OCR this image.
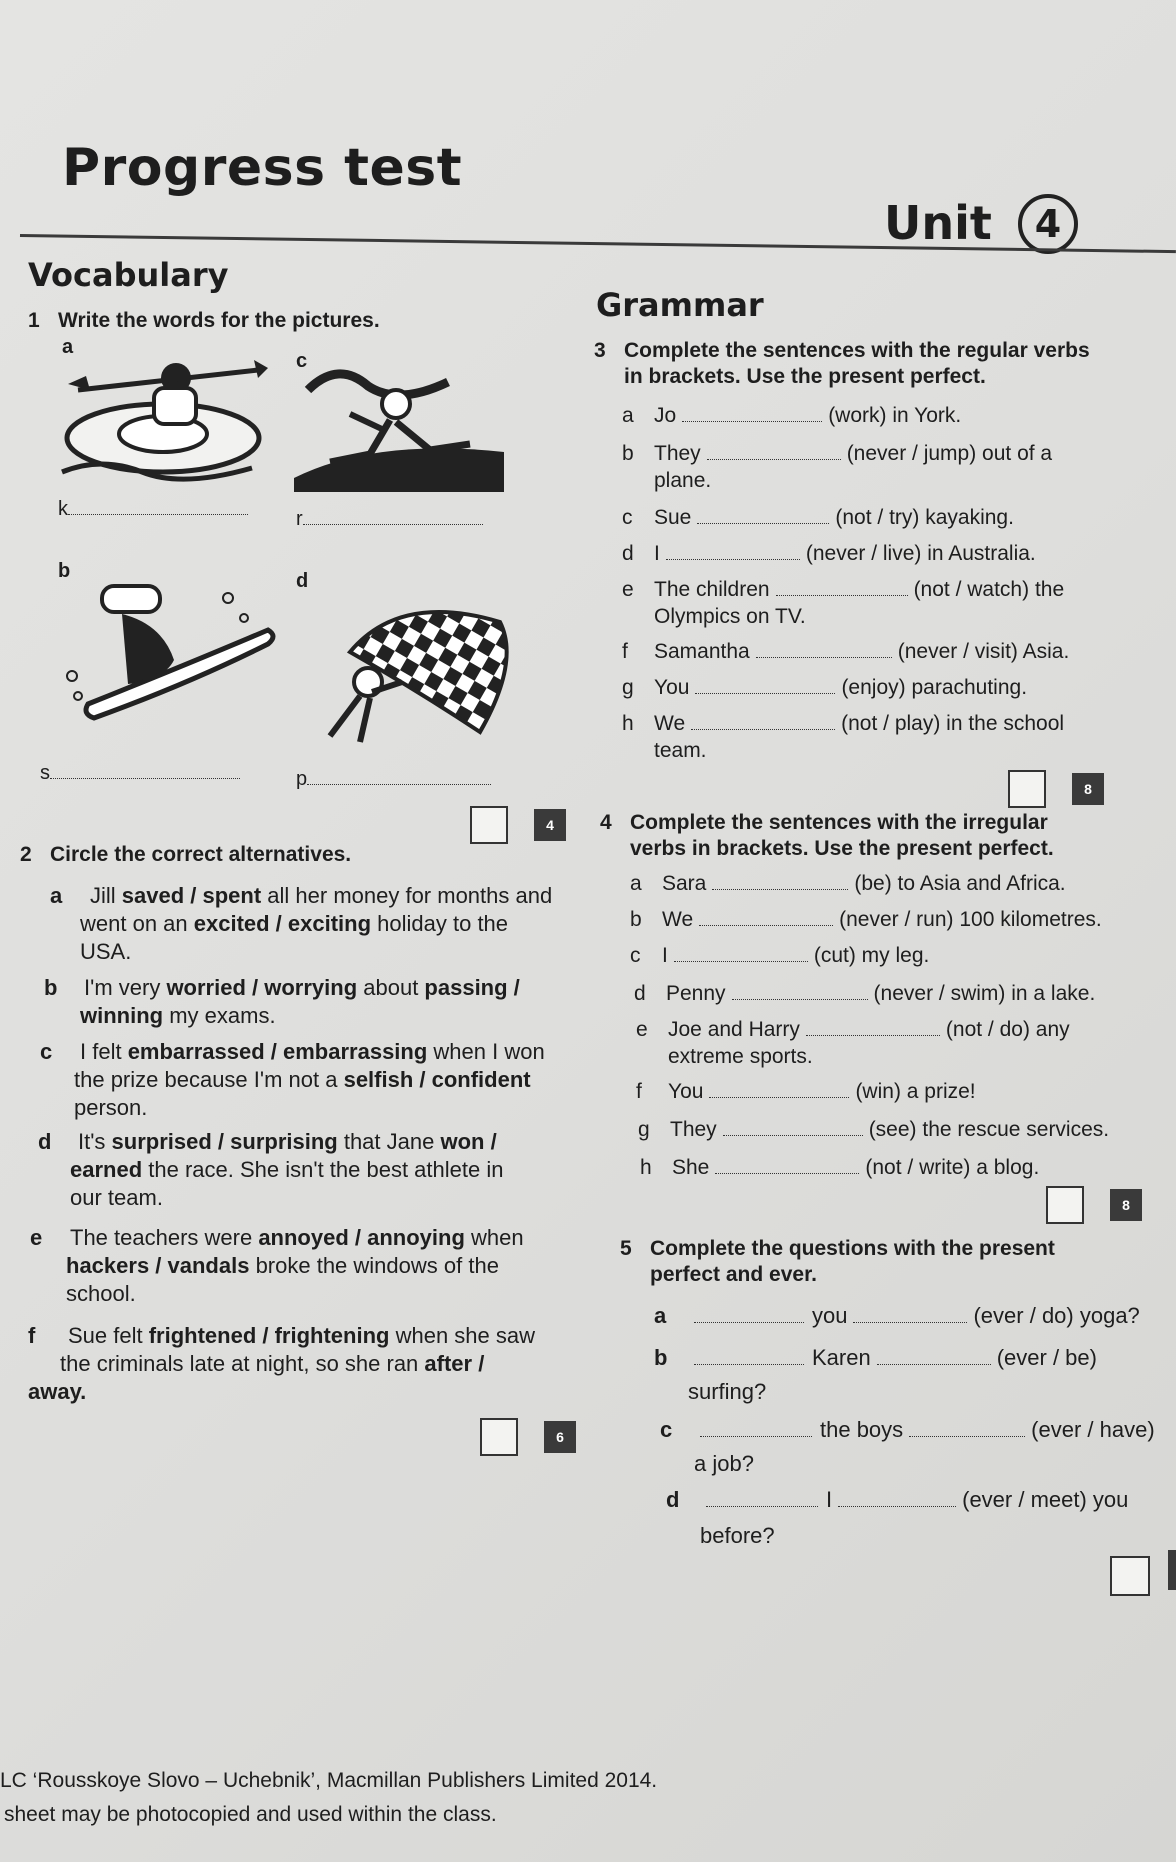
Progress test
Unit 4
Vocabulary
Grammar
1 Write the words for the pictures.
a
k
c
r
b
s
d
p
4
2 Circle the correct alternatives.
a Jill saved / spent all her money for months and
went on an excited / exciting holiday to the
USA.
b I'm very worried / worrying about passing /
winning my exams.
c I felt embarrassed / embarrassing when I won
the prize because I'm not a selfish / confident
person.
d It's surprised / surprising that Jane won /
earned the race. She isn't the best athlete in
our team.
e The teachers were annoyed / annoying when
hackers / vandals broke the windows of the
school.
f Sue felt frightened / frightening when she saw
the criminals late at night, so she ran after /
away.
6
3 Complete the sentences with the regular verbs
in brackets. Use the present perfect.
a Jo	(work) in York.
b They	(never / jump) out of a
plane.
c Sue	(not / try) kayaking.
d I	(never / live) in Australia.
e The children	(not / watch) the
Olympics on TV.
f Samantha	(never / visit) Asia.
g You	(enjoy) parachuting.
h We	(not / play) in the school
team.
8
4 Complete the sentences with the irregular
verbs in brackets. Use the present perfect.
a Sara	(be) to Asia and Africa.
b We	(never / run) 100 kilometres.
c I	(cut) my leg.
d Penny	(never / swim) in a lake.
e Joe and Harry	(not / do) any
extreme sports.
f You	(win) a prize!
g They	(see) the rescue services.
h She	(not / write) a blog.
8
5 Complete the questions with the present
perfect and ever.
a	you	(ever / do) yoga?
b	Karen	(ever / be)
surfing?
c	the boys	(ever / have)
a job?
d	I	(ever / meet) you
before?
LC ‘Rousskoye Slovo – Uchebnik’, Macmillan Publishers Limited 2014.
sheet may be photocopied and used within the class.
